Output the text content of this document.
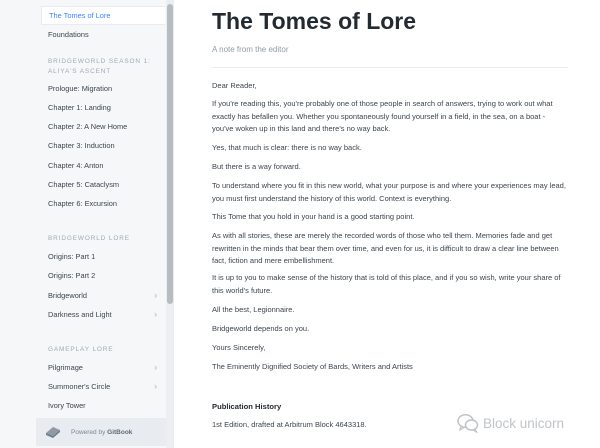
The Tomes of Lore
Foundations
BRIDGEWORLD SEASON 1: ALIYA'S ASCENT
Prologue: Migration
Chapter 1: Landing
Chapter 2: A New Home
Chapter 3: Induction
Chapter 4: Anton
Chapter 5: Cataclysm
Chapter 6: Excursion
BRIDGEWORLD LORE
Origins: Part 1
Origins: Part 2
Bridgeworld	›
Darkness and Light	›
GAMEPLAY LORE
Pilgrimage	›
Summoner's Circle	›
Ivory Tower
Powered by GitBook
The Tomes of Lore
A note from the editor

Dear Reader,

If you're reading this, you're probably one of those people in search of answers, trying to work out what exactly has befallen you. Whether you spontaneously found yourself in a field, in the sea, on a boat - you've woken up in this land and there's no way back.

Yes, that much is clear: there is no way back.

But there is a way forward.

To understand where you fit in this new world, what your purpose is and where your experiences may lead, you must first understand the history of this world. Context is everything.

This Tome that you hold in your hand is a good starting point.

As with all stories, these are merely the recorded words of those who tell them. Memories fade and get rewritten in the minds that bear them over time, and even for us, it is difficult to draw a clear line between fact, fiction and mere embellishment.

It is up to you to make sense of the history that is told of this place, and if you so wish, write your share of this world's future.

All the best, Legionnaire.

Bridgeworld depends on you.

Yours Sincerely,

The Eminently Dignified Society of Bards, Writers and Artists

Publication History

1st Edition, drafted at Arbitrum Block 4643318.	Block unicorn
